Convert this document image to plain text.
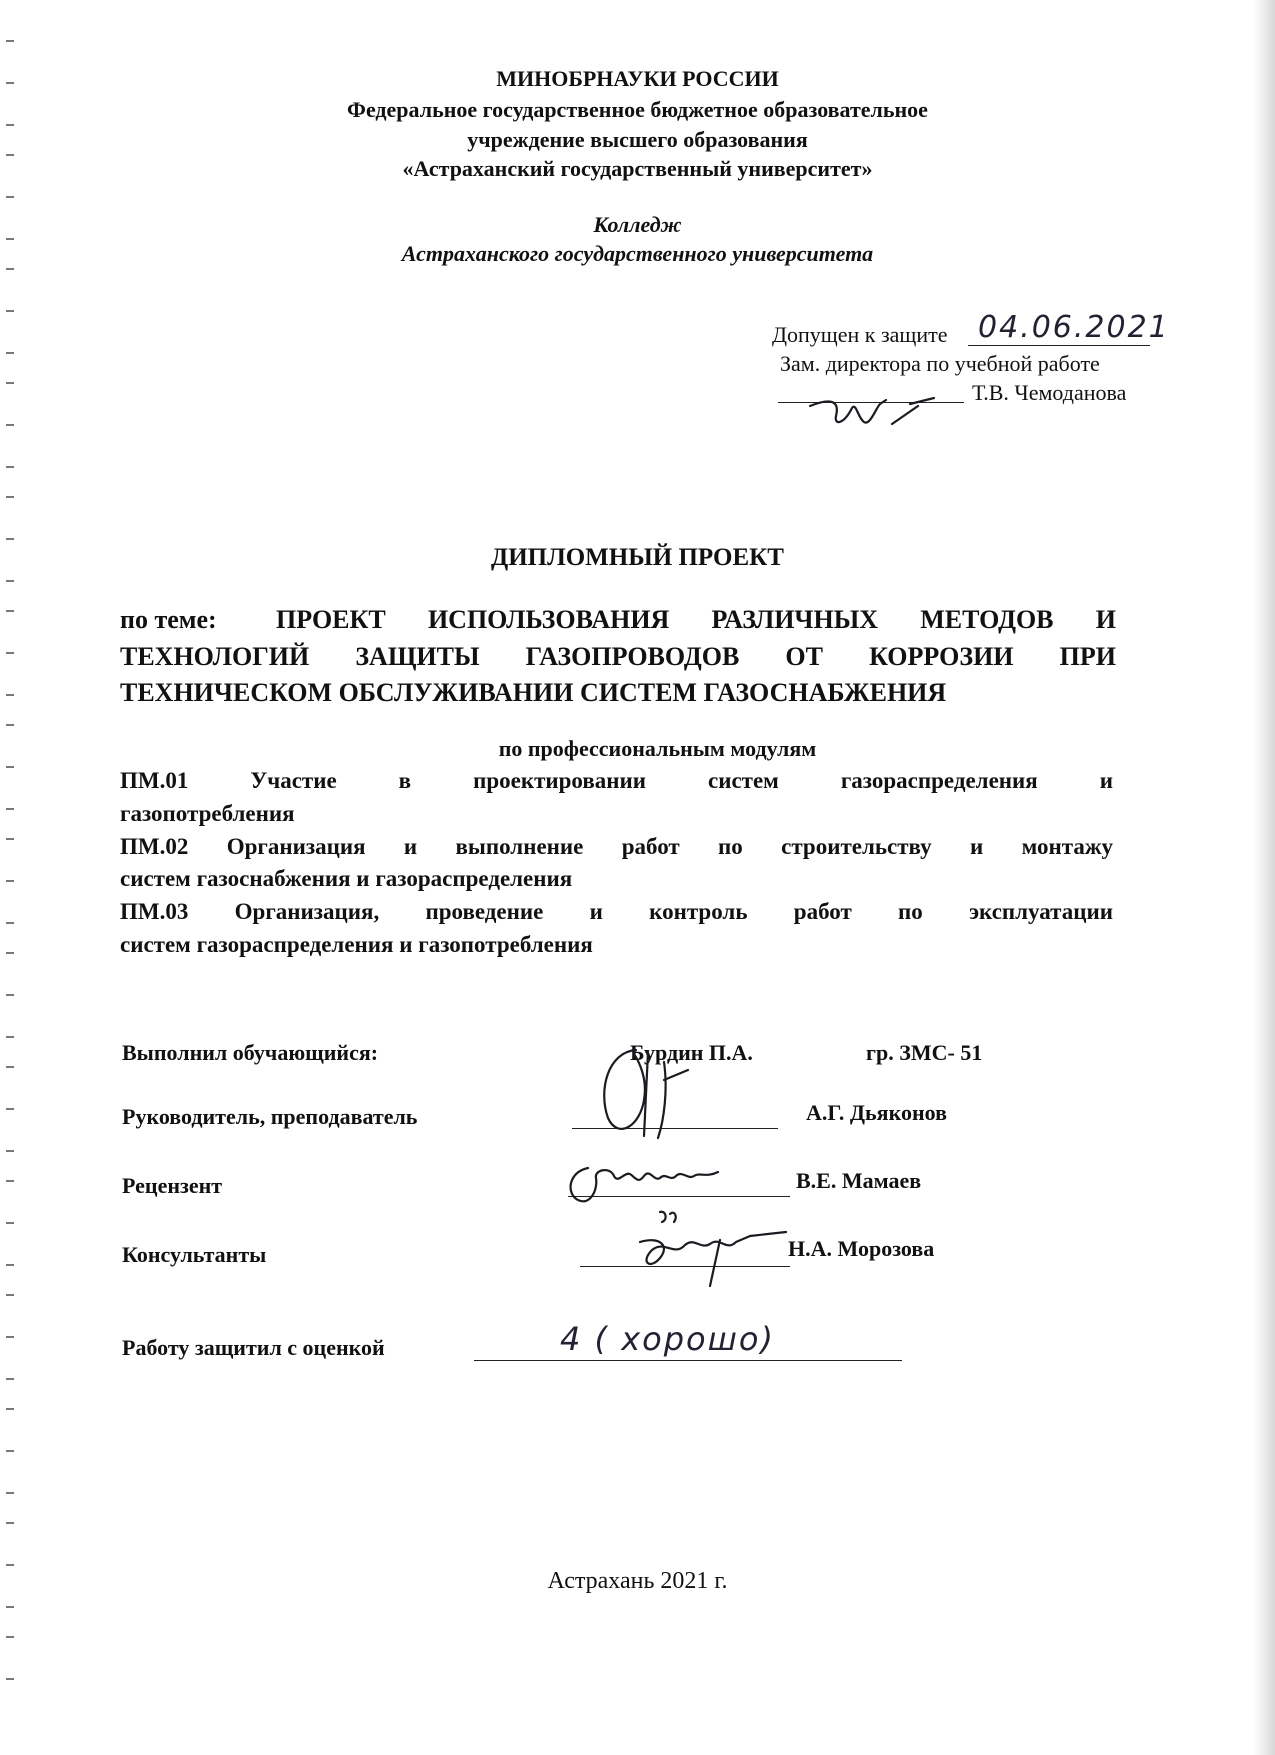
МИНОБРНАУКИ РОССИИ
Федеральное государственное бюджетное образовательное
учреждение высшего образования
«Астраханский государственный университет»
Колледж
Астраханского государственного университета
Допущен к защите 04.06.2021
Зам. директора по учебной работе
Т.В. Чемоданова
ДИПЛОМНЫЙ ПРОЕКТ
по теме: ПРОЕКТ ИСПОЛЬЗОВАНИЯ РАЗЛИЧНЫХ МЕТОДОВ И
ТЕХНОЛОГИЙ ЗАЩИТЫ ГАЗОПРОВОДОВ ОТ КОРРОЗИИ ПРИ
ТЕХНИЧЕСКОМ ОБСЛУЖИВАНИИ СИСТЕМ ГАЗОСНАБЖЕНИЯ
по профессиональным модулям
ПМ.01 Участие в проектировании систем газораспределения и
газопотребления
ПМ.02 Организация и выполнение работ по строительству и монтажу
систем газоснабжения и газораспределения
ПМ.03 Организация, проведение и контроль работ по эксплуатации
систем газораспределения и газопотребления
Выполнил обучающийся:	Бурдин П.А.	гр. ЗМС- 51
Руководитель, преподаватель	А.Г. Дьяконов
Рецензент	В.Е. Мамаев
Консультанты	Н.А. Морозова
Работу защитил с оценкой	4 ( хорошо)
Астрахань 2021 г.
